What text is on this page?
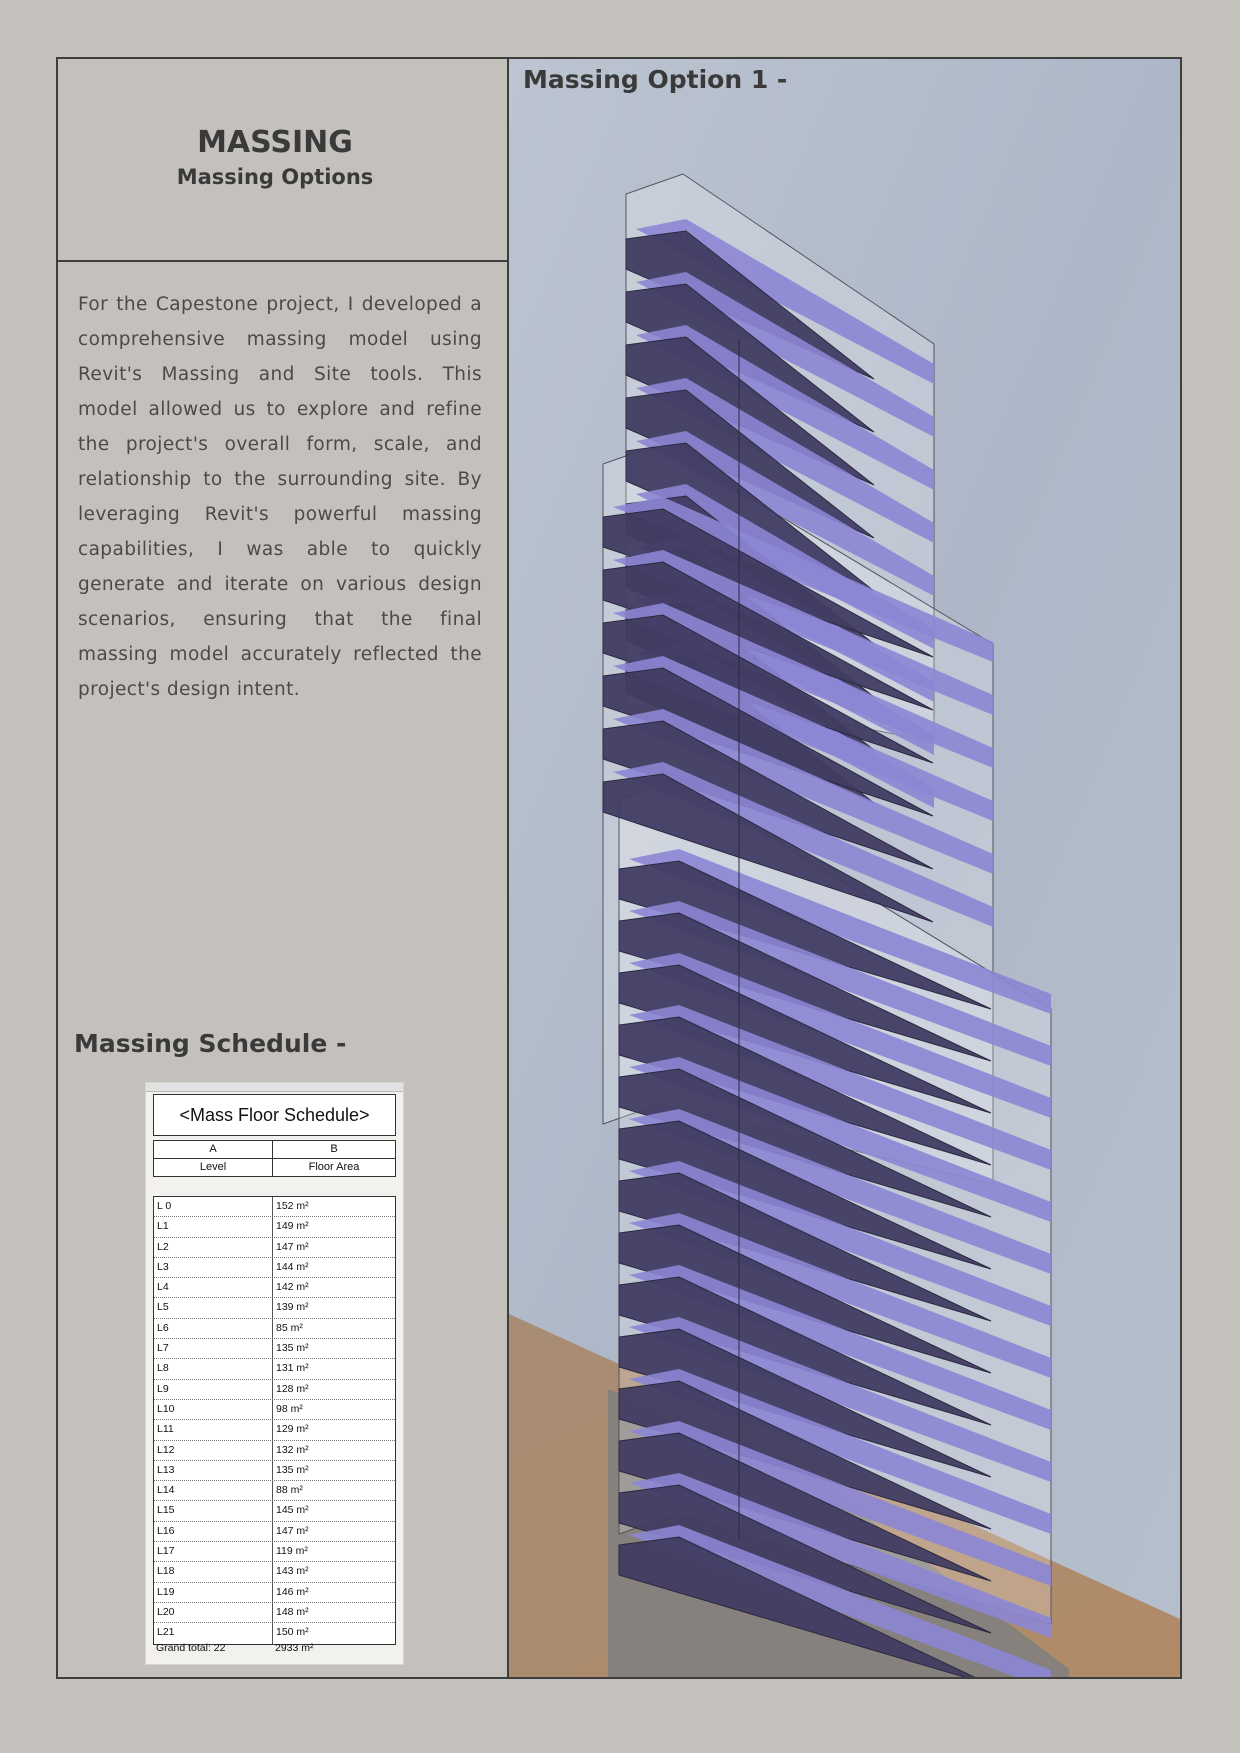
MASSING
Massing Options
For the Capestone project, I developed a comprehensive massing model using Revit's Massing and Site tools. This model allowed us to explore and refine the project's overall form, scale, and relationship to the surrounding site. By leveraging Revit's powerful massing capabilities, I was able to quickly generate and iterate on various design scenarios, ensuring that the final massing model accurately reflected the project's design intent.
Massing Schedule -
<Mass Floor Schedule>
A	B
Level	Floor Area
L 0	152 m²
L1	149 m²
L2	147 m²
L3	144 m²
L4	142 m²
L5	139 m²
L6	85 m²
L7	135 m²
L8	131 m²
L9	128 m²
L10	98 m²
L11	129 m²
L12	132 m²
L13	135 m²
L14	88 m²
L15	145 m²
L16	147 m²
L17	119 m²
L18	143 m²
L19	146 m²
L20	148 m²
L21	150 m²
Grand total: 22	2933 m²
Massing Option 1 -
